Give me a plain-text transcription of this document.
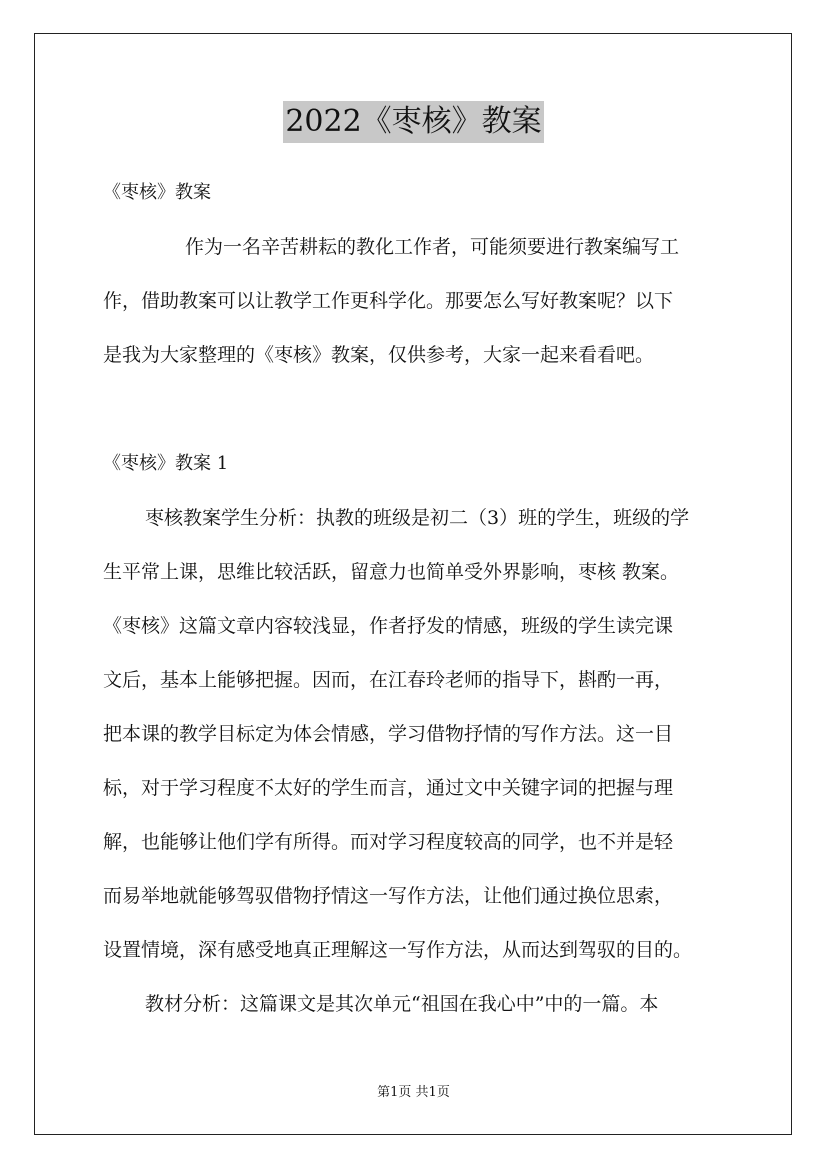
2022《枣核》教案
《枣核》教案
作为一名辛苦耕耘的教化工作者，可能须要进行教案编写工
作，借助教案可以让教学工作更科学化。那要怎么写好教案呢？以下
是我为大家整理的《枣核》教案，仅供参考，大家一起来看看吧。
《枣核》教案 1
枣核教案学生分析：执教的班级是初二（3）班的学生，班级的学
生平常上课，思维比较活跃，留意力也简单受外界影响，枣核 教案。
《枣核》这篇文章内容较浅显，作者抒发的情感，班级的学生读完课
文后，基本上能够把握。因而，在江春玲老师的指导下，斟酌一再，
把本课的教学目标定为体会情感，学习借物抒情的写作方法。这一目
标，对于学习程度不太好的学生而言，通过文中关键字词的把握与理
解，也能够让他们学有所得。而对学习程度较高的同学，也不并是轻
而易举地就能够驾驭借物抒情这一写作方法，让他们通过换位思索，
设置情境，深有感受地真正理解这一写作方法，从而达到驾驭的目的。
教材分析：这篇课文是其次单元“祖国在我心中”中的一篇。本
第1页 共1页
